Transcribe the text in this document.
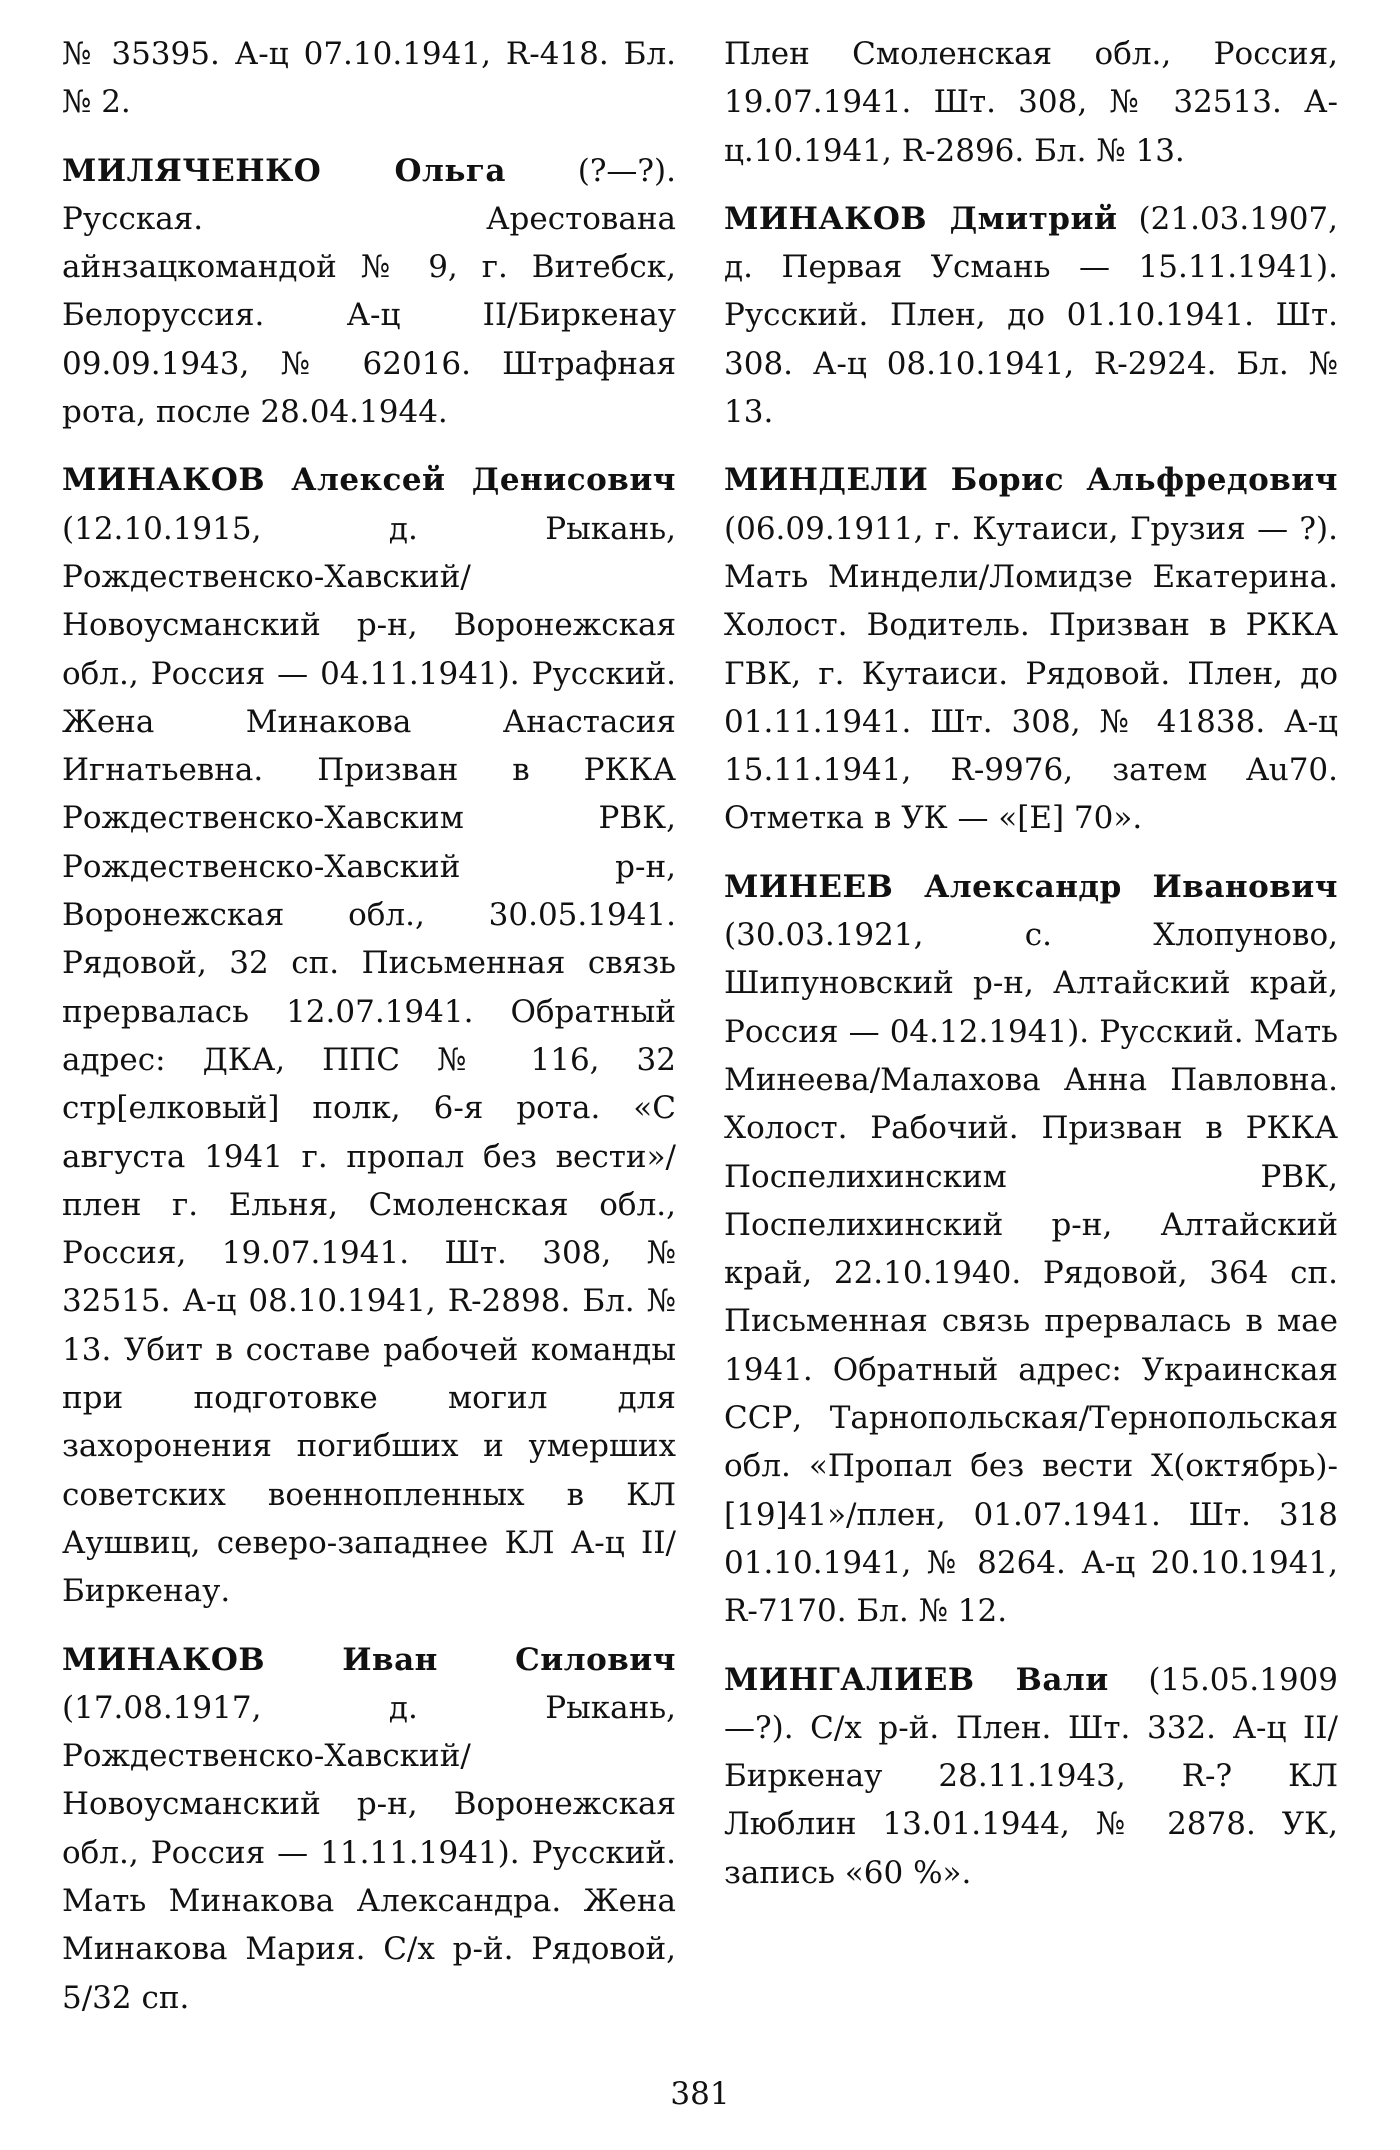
№ 35395. А-ц 07.10.1941, R-418. Бл. № 2.

МИЛЯЧЕНКО Ольга (?—?). Русская. Арестована айнзацкомандой № 9, г. Витебск, Белоруссия. А-ц II/Биркенау 09.09.1943, № 62016. Штрафная рота, после 28.04.1944.

МИНАКОВ Алексей Денисович (12.10.1915, д. Рыкань, Рождественско-Хавский/ Новоусманский р-н, Воронежская обл., Россия — 04.11.1941). Русский. Жена Минакова Анастасия Игнатьевна. Призван в РККА Рождественско-Хавским РВК, Рождественско-Хавский р-н, Воронежская обл., 30.05.1941. Рядовой, 32 сп. Письменная связь прервалась 12.07.1941. Обратный адрес: ДКА, ППС № 116, 32 стр[елковый] полк, 6-я рота. «С августа 1941 г. пропал без вести»/плен г. Ельня, Смоленская обл., Россия, 19.07.1941. Шт. 308, № 32515. А-ц 08.10.1941, R-2898. Бл. № 13. Убит в составе рабочей команды при подготовке могил для захоронения погибших и умерших советских военнопленных в КЛ Аушвиц, северо-западнее КЛ А-ц II/Биркенау.

МИНАКОВ Иван Силович (17.08.1917, д. Рыкань, Рождественско-Хавский/Новоусманский р-н, Воронежская обл., Россия — 11.11.1941). Русский. Мать Минакова Александра. Жена Минакова Мария. С/х р-й. Рядовой, 5/32 сп.

Плен Смоленская обл., Россия, 19.07.1941. Шт. 308, № 32513. А-ц.10.1941, R-2896. Бл. № 13.

МИНАКОВ Дмитрий (21.03.1907, д. Первая Усмань — 15.11.1941). Русский. Плен, до 01.10.1941. Шт. 308. А-ц 08.10.1941, R-2924. Бл. № 13.

МИНДЕЛИ Борис Альфредович (06.09.1911, г. Кутаиси, Грузия — ?). Мать Миндели/Ломидзе Екатерина. Холост. Водитель. Призван в РККА ГВК, г. Кутаиси. Рядовой. Плен, до 01.11.1941. Шт. 308, № 41838. А-ц 15.11.1941, R-9976, затем Au70. Отметка в УК — «[E] 70».

МИНЕЕВ Александр Иванович (30.03.1921, с. Хлопуново, Шипуновский р-н, Алтайский край, Россия — 04.12.1941). Русский. Мать Минеева/Малахова Анна Павловна. Холост. Рабочий. Призван в РККА Поспелихинским РВК, Поспелихинский р-н, Алтайский край, 22.10.1940. Рядовой, 364 сп. Письменная связь прервалась в мае 1941. Обратный адрес: Украинская ССР, Тарнопольская/Тернопольская обл. «Пропал без вести X(октябрь)-[19]41»/плен, 01.07.1941. Шт. 318 01.10.1941, № 8264. А-ц 20.10.1941, R-7170. Бл. № 12.

МИНГАЛИЕВ Вали (15.05.1909—?). С/х р-й. Плен. Шт. 332. А-ц II/Биркенау 28.11.1943, R-? КЛ Люблин 13.01.1944, № 2878. УК, запись «60 %».

381
